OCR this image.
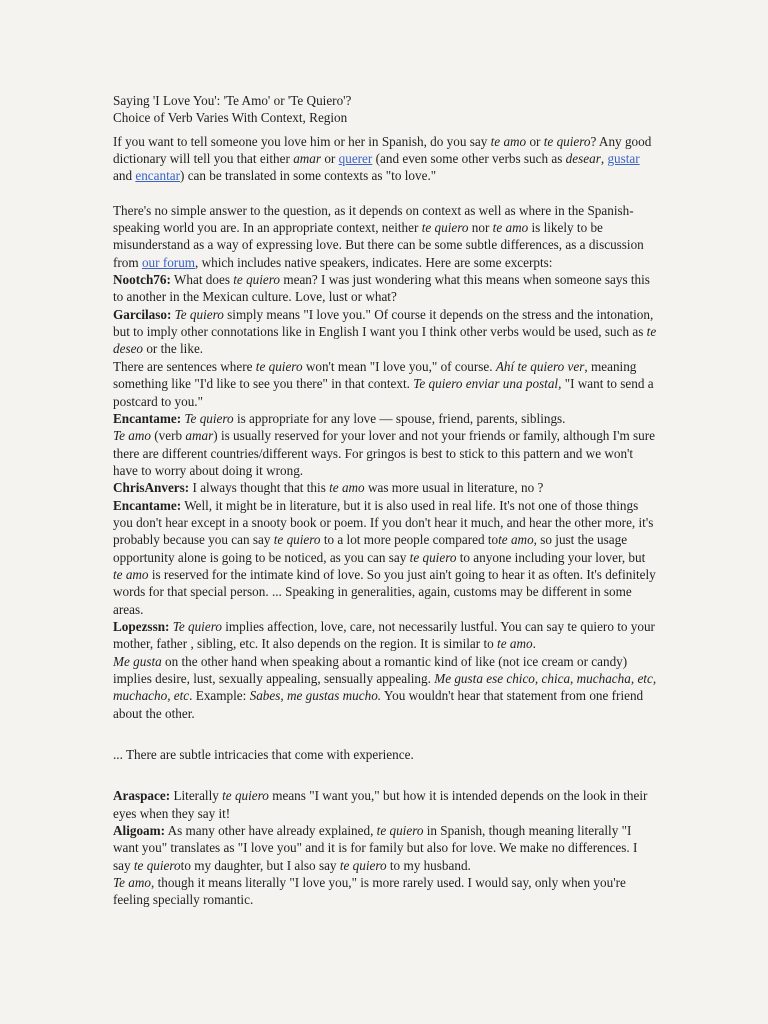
Saying 'I Love You': 'Te Amo' or 'Te Quiero'?
Choice of Verb Varies With Context, Region

If you want to tell someone you love him or her in Spanish, do you say te amo or te quiero? Any good dictionary will tell you that either amar or querer (and even some other verbs such as desear, gustar and encantar) can be translated in some contexts as "to love."

There's no simple answer to the question, as it depends on context as well as where in the Spanish-speaking world you are. In an appropriate context, neither te quiero nor te amo is likely to be misunderstand as a way of expressing love. But there can be some subtle differences, as a discussion from our forum, which includes native speakers, indicates. Here are some excerpts:

Nootch76: What does te quiero mean? I was just wondering what this means when someone says this to another in the Mexican culture. Love, lust or what?

Garcilaso: Te quiero simply means "I love you." Of course it depends on the stress and the intonation, but to imply other connotations like in English I want you I think other verbs would be used, such as te deseo or the like.

There are sentences where te quiero won't mean "I love you," of course. Ahí te quiero ver, meaning something like "I'd like to see you there" in that context. Te quiero enviar una postal, "I want to send a postcard to you."

Encantame: Te quiero is appropriate for any love — spouse, friend, parents, siblings.

Te amo (verb amar) is usually reserved for your lover and not your friends or family, although I'm sure there are different countries/different ways. For gringos is best to stick to this pattern and we won't have to worry about doing it wrong.

ChrisAnvers: I always thought that this te amo was more usual in literature, no ?

Encantame: Well, it might be in literature, but it is also used in real life. It's not one of those things you don't hear except in a snooty book or poem. If you don't hear it much, and hear the other more, it's probably because you can say te quiero to a lot more people compared tote amo, so just the usage opportunity alone is going to be noticed, as you can say te quiero to anyone including your lover, but te amo is reserved for the intimate kind of love. So you just ain't going to hear it as often. It's definitely words for that special person. ... Speaking in generalities, again, customs may be different in some areas.

Lopezssn: Te quiero implies affection, love, care, not necessarily lustful. You can say te quiero to your mother, father , sibling, etc. It also depends on the region. It is similar to te amo.

Me gusta on the other hand when speaking about a romantic kind of like (not ice cream or candy) implies desire, lust, sexually appealing, sensually appealing. Me gusta ese chico, chica, muchacha, etc, muchacho, etc. Example: Sabes, me gustas mucho. You wouldn't hear that statement from one friend about the other.

... There are subtle intricacies that come with experience.

Araspace: Literally te quiero means "I want you," but how it is intended depends on the look in their eyes when they say it!

Aligoam: As many other have already explained, te quiero in Spanish, though meaning literally "I want you" translates as "I love you" and it is for family but also for love. We make no differences. I say te quieroto my daughter, but I also say te quiero to my husband.

Te amo, though it means literally "I love you," is more rarely used. I would say, only when you're feeling specially romantic.
